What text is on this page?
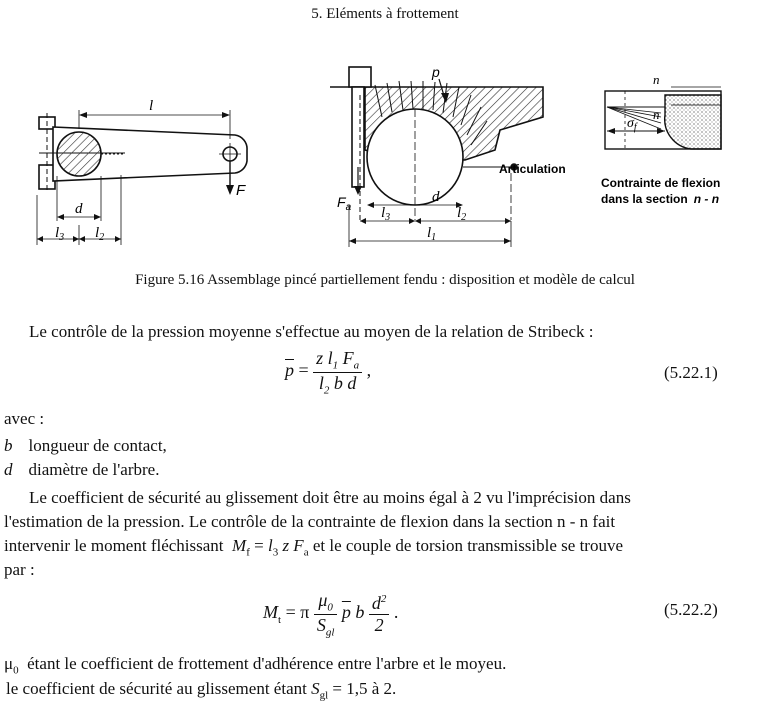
5. Eléments à frottement
l
F
d
$l_3$ $l_2$
p
d
$F_a$ $l_3$	$l_2$
$l_1$
Articulation
n
n
$\sigma_f$
Contrainte de flexion
dans la section n - n
Figure 5.16 Assemblage pincé partiellement fendu : disposition et modèle de calcul
Le contrôle de la pression moyenne s'effectue au moyen de la relation de Stribeck :
$\overline{p} = \frac{z l_1 F_a}{l_2 b d}$ ,	(5.22.1)
avec :
b longueur de contact,
d diamètre de l'arbre.
Le coefficient de sécurité au glissement doit être au moins égal à 2 vu l'imprécision dans
l'estimation de la pression. Le contrôle de la contrainte de flexion dans la section n - n fait
intervenir le moment fléchissant $M_f = l_3$ z $F_a$ et le couple de torsion transmissible se trouve
par :
$M_t = \pi \frac{\mu_0}{S_{gl}} \overline{p}$ b $\frac{d^2}{2}$ .	(5.22.2)
$\mu_0$ étant le coefficient de frottement d'adhérence entre l'arbre et le moyeu.
le coefficient de sécurité au glissement étant $S_{gl} = 1,5$ à 2.
